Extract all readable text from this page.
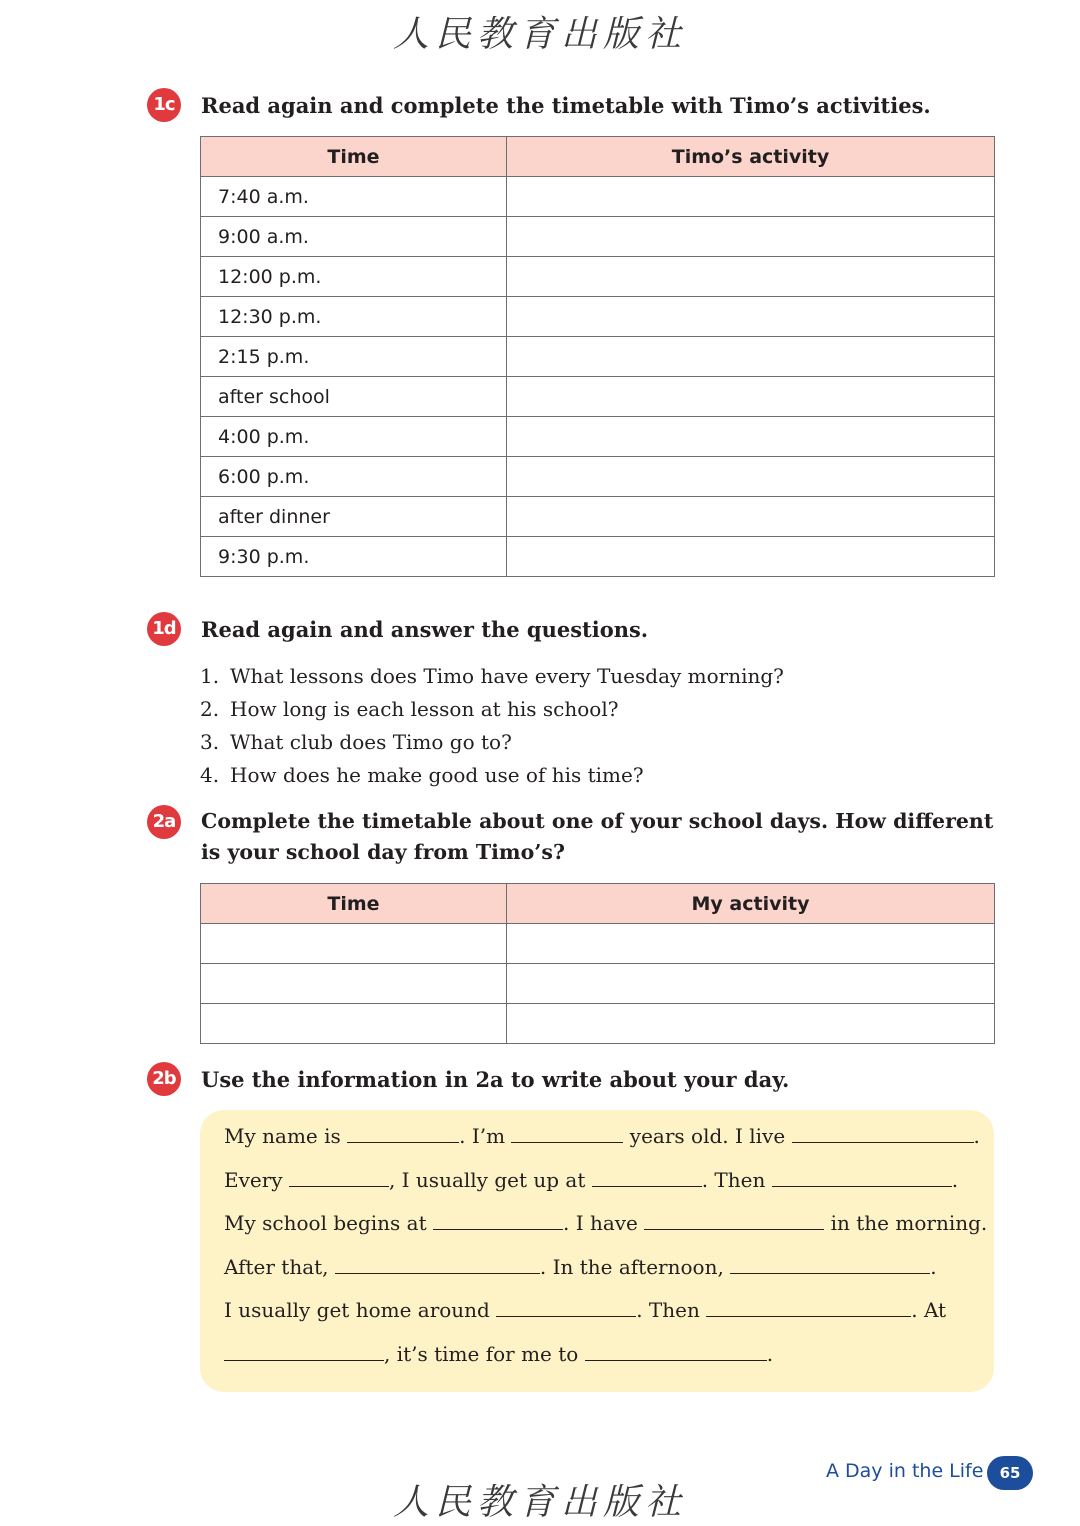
人民教育出版社
1c	Read again and complete the timetable with Timo’s activities.
Time	Timo’s activity
7:40 a.m.	
9:00 a.m.	
12:00 p.m.	
12:30 p.m.	
2:15 p.m.	
after school	
4:00 p.m.	
6:00 p.m.	
after dinner	
9:30 p.m.	
1d Read again and answer the questions.
1. What lessons does Timo have every Tuesday morning?
2. How long is each lesson at his school?
3. What club does Timo go to?
4. How does he make good use of his time?
2a Complete the timetable about one of your school days. How different is your school day from Timo’s?
Time	My activity

2b Use the information in 2a to write about your day.
My name is	. I’m	years old. I live	.
Every	, I usually get up at	. Then	.
My school begins at	. I have	in the morning.
After that,	. In the afternoon,	.
I usually get home around	. Then	. At
, it’s time for me to	.
A Day in the Life	65
人民教育出版社
